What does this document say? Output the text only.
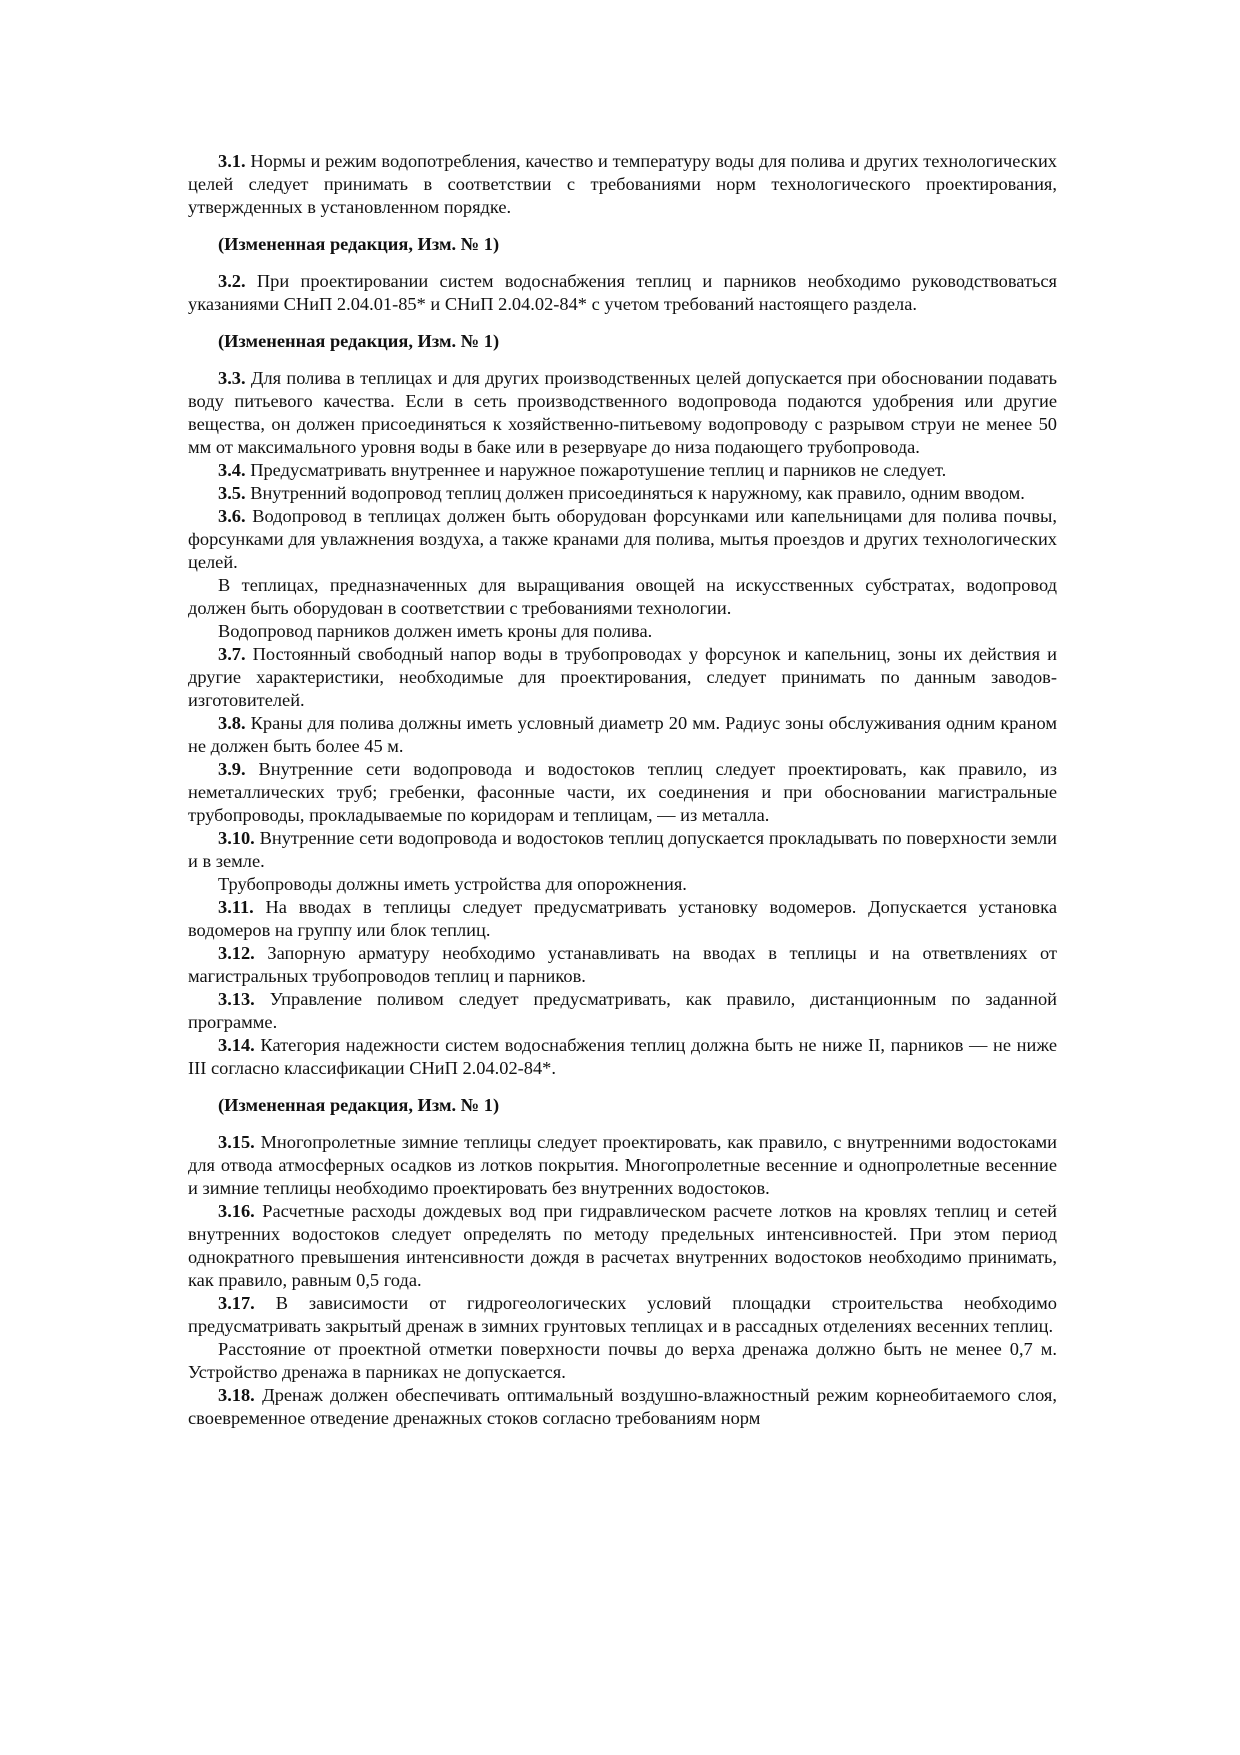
3.1. Нормы и режим водопотребления, качество и температуру воды для полива и других технологических целей следует принимать в соответствии с требованиями норм технологического проектирования, утвержденных в установленном порядке.

(Измененная редакция, Изм. № 1)

3.2. При проектировании систем водоснабжения теплиц и парников необходимо руководствоваться указаниями СНиП 2.04.01-85* и СНиП 2.04.02-84* с учетом требований настоящего раздела.

(Измененная редакция, Изм. № 1)

3.3. Для полива в теплицах и для других производственных целей допускается при обосновании подавать воду питьевого качества. Если в сеть производственного водопровода подаются удобрения или другие вещества, он должен присоединяться к хозяйственно-питьевому водопроводу с разрывом струи не менее 50 мм от максимального уровня воды в баке или в резервуаре до низа подающего трубопровода.

3.4. Предусматривать внутреннее и наружное пожаротушение теплиц и парников не следует.

3.5. Внутренний водопровод теплиц должен присоединяться к наружному, как правило, одним вводом.

3.6. Водопровод в теплицах должен быть оборудован форсунками или капельницами для полива почвы, форсунками для увлажнения воздуха, а также кранами для полива, мытья проездов и других технологических целей.

В теплицах, предназначенных для выращивания овощей на искусственных субстратах, водопровод должен быть оборудован в соответствии с требованиями технологии.

Водопровод парников должен иметь кроны для полива.

3.7. Постоянный свободный напор воды в трубопроводах у форсунок и капельниц, зоны их действия и другие характеристики, необходимые для проектирования, следует принимать по данным заводов-изготовителей.

3.8. Краны для полива должны иметь условный диаметр 20 мм. Радиус зоны обслуживания одним краном не должен быть более 45 м.

3.9. Внутренние сети водопровода и водостоков теплиц следует проектировать, как правило, из неметаллических труб; гребенки, фасонные части, их соединения и при обосновании магистральные трубопроводы, прокладываемые по коридорам и теплицам, — из металла.

3.10. Внутренние сети водопровода и водостоков теплиц допускается прокладывать по поверхности земли и в земле.

Трубопроводы должны иметь устройства для опорожнения.

3.11. На вводах в теплицы следует предусматривать установку водомеров. Допускается установка водомеров на группу или блок теплиц.

3.12. Запорную арматуру необходимо устанавливать на вводах в теплицы и на ответвлениях от магистральных трубопроводов теплиц и парников.

3.13. Управление поливом следует предусматривать, как правило, дистанционным по заданной программе.

3.14. Категория надежности систем водоснабжения теплиц должна быть не ниже II, парников — не ниже III согласно классификации СНиП 2.04.02-84*.

(Измененная редакция, Изм. № 1)

3.15. Многопролетные зимние теплицы следует проектировать, как правило, с внутренними водостоками для отвода атмосферных осадков из лотков покрытия. Многопролетные весенние и однопролетные весенние и зимние теплицы необходимо проектировать без внутренних водостоков.

3.16. Расчетные расходы дождевых вод при гидравлическом расчете лотков на кровлях теплиц и сетей внутренних водостоков следует определять по методу предельных интенсивностей. При этом период однократного превышения интенсивности дождя в расчетах внутренних водостоков необходимо принимать, как правило, равным 0,5 года.

3.17. В зависимости от гидрогеологических условий площадки строительства необходимо предусматривать закрытый дренаж в зимних грунтовых теплицах и в рассадных отделениях весенних теплиц.

Расстояние от проектной отметки поверхности почвы до верха дренажа должно быть не менее 0,7 м. Устройство дренажа в парниках не допускается.

3.18. Дренаж должен обеспечивать оптимальный воздушно-влажностный режим корнеобитаемого слоя, своевременное отведение дренажных стоков согласно требованиям норм
